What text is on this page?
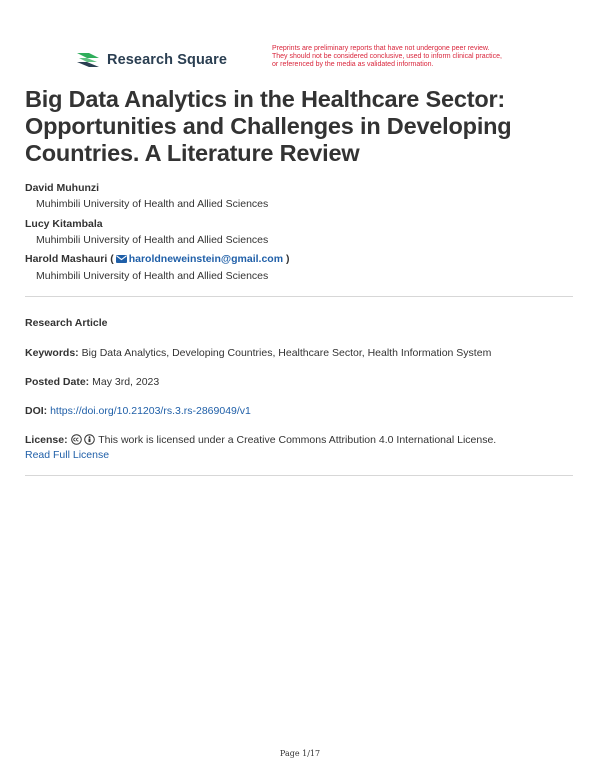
Research Square
Preprints are preliminary reports that have not undergone peer review.
They should not be considered conclusive, used to inform clinical practice,
or referenced by the media as validated information.
Big Data Analytics in the Healthcare Sector: Opportunities and Challenges in Developing Countries. A Literature Review
David Muhunzi
Muhimbili University of Health and Allied Sciences
Lucy Kitambala
Muhimbili University of Health and Allied Sciences
Harold Mashauri ( haroldneweinstein@gmail.com )
Muhimbili University of Health and Allied Sciences
Research Article
Keywords: Big Data Analytics, Developing Countries, Healthcare Sector, Health Information System
Posted Date: May 3rd, 2023
DOI: https://doi.org/10.21203/rs.3.rs-2869049/v1
License:	This work is licensed under a Creative Commons Attribution 4.0 International License.
Read Full License
Page 1/17
